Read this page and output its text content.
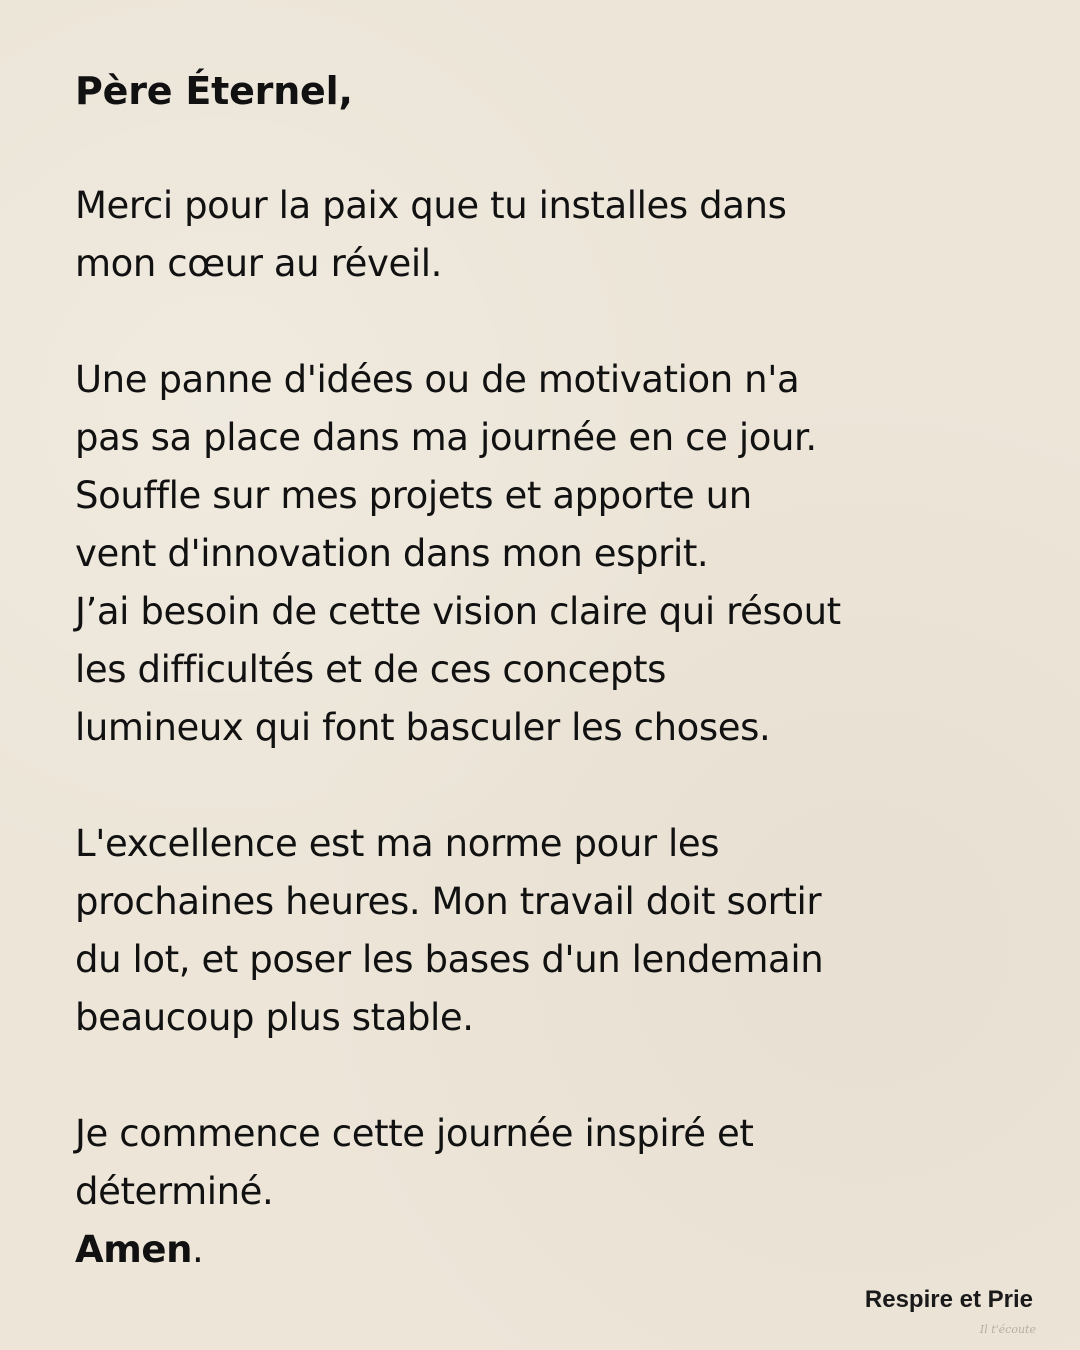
Père Éternel,

Merci pour la paix que tu installes dans
mon cœur au réveil.

Une panne d'idées ou de motivation n'a
pas sa place dans ma journée en ce jour.
Souffle sur mes projets et apporte un
vent d'innovation dans mon esprit.
J’ai besoin de cette vision claire qui résout
les difficultés et de ces concepts
lumineux qui font basculer les choses.

L'excellence est ma norme pour les
prochaines heures. Mon travail doit sortir
du lot, et poser les bases d'un lendemain
beaucoup plus stable.

Je commence cette journée inspiré et
déterminé.

Amen.
Respire et Prie
Il t'écoute
